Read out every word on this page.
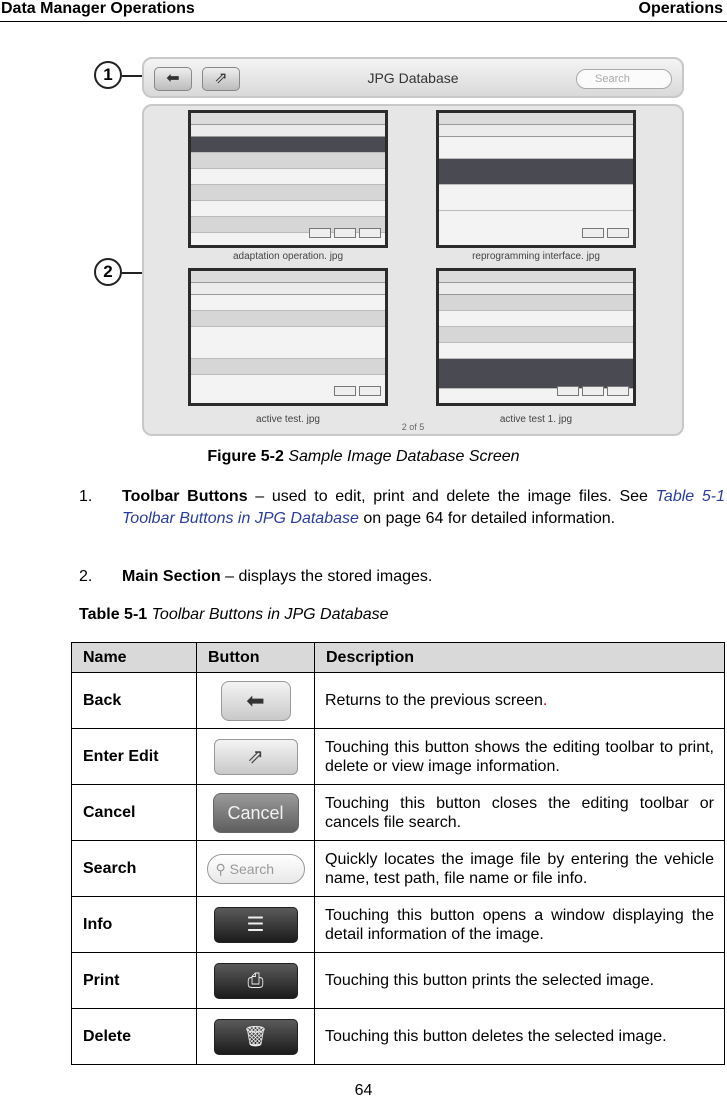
Data Manager Operations	Operations
1
2
⬅	⇗	JPG Database	Search
adaptation operation. jpg	reprogramming interface. jpg
active test. jpg	active test 1. jpg
2 of 5
Figure 5-2 Sample Image Database Screen
1. Toolbar Buttons – used to edit, print and delete the image files. See Table 5-1 Toolbar Buttons in JPG Database on page 64 for detailed information.
2. Main Section – displays the stored images.
Table 5-1 Toolbar Buttons in JPG Database
Name	Button	Description
Back	⬅	Returns to the previous screen.
Enter Edit	⇗	Touching this button shows the editing toolbar to print, delete or view image information.
Cancel	Cancel	Touching this button closes the editing toolbar or cancels file search.
Search	⚲ Search	Quickly locates the image file by entering the vehicle name, test path, file name or file info.
Info	☰	Touching this button opens a window displaying the detail information of the image.
Print	⎙	Touching this button prints the selected image.
Delete	🗑	Touching this button deletes the selected image.
64
